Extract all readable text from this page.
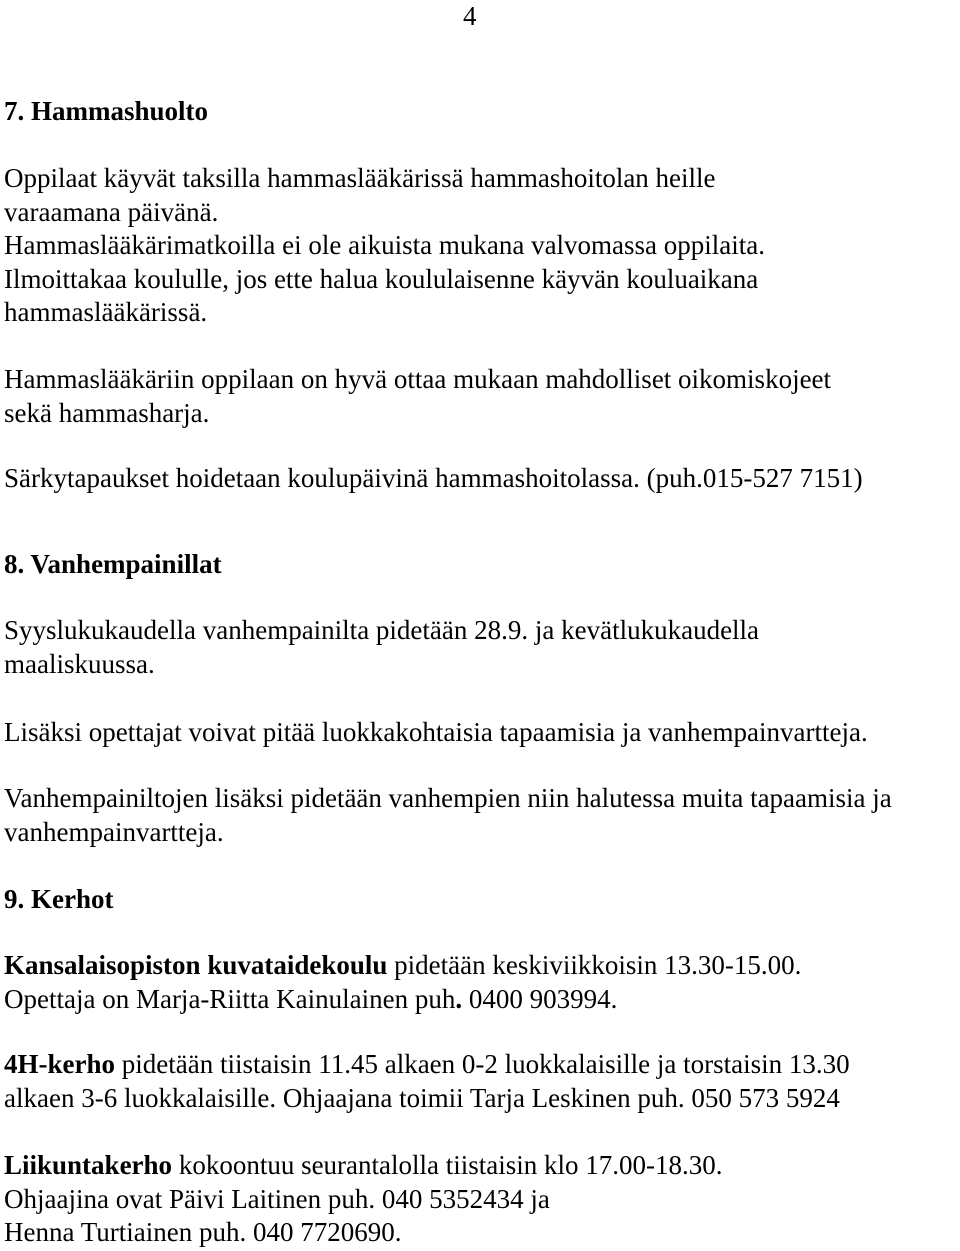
4
7. Hammashuolto
Oppilaat käyvät taksilla hammaslääkärissä hammashoitolan heille
varaamana päivänä.
Hammaslääkärimatkoilla ei ole aikuista mukana valvomassa oppilaita.
Ilmoittakaa koululle, jos ette halua koululaisenne käyvän kouluaikana
hammaslääkärissä.
Hammaslääkäriin oppilaan on hyvä ottaa mukaan mahdolliset oikomiskojeet
sekä hammasharja.
Särkytapaukset hoidetaan koulupäivinä hammashoitolassa. (puh.015-527 7151)
8. Vanhempainillat
Syyslukukaudella vanhempainilta pidetään 28.9. ja kevätlukukaudella
maaliskuussa.
Lisäksi opettajat voivat pitää luokkakohtaisia tapaamisia ja vanhempainvartteja.
Vanhempainiltojen lisäksi pidetään vanhempien niin halutessa muita tapaamisia ja
vanhempainvartteja.
9. Kerhot
Kansalaisopiston kuvataidekoulu pidetään keskiviikkoisin 13.30-15.00.
Opettaja on Marja-Riitta Kainulainen puh. 0400 903994.
4H-kerho pidetään tiistaisin 11.45 alkaen 0-2 luokkalaisille ja torstaisin 13.30
alkaen 3-6 luokkalaisille. Ohjaajana toimii Tarja Leskinen puh. 050 573 5924
Liikuntakerho kokoontuu seurantalolla tiistaisin klo 17.00-18.30.
Ohjaajina ovat Päivi Laitinen puh. 040 5352434 ja
Henna Turtiainen puh. 040 7720690.
